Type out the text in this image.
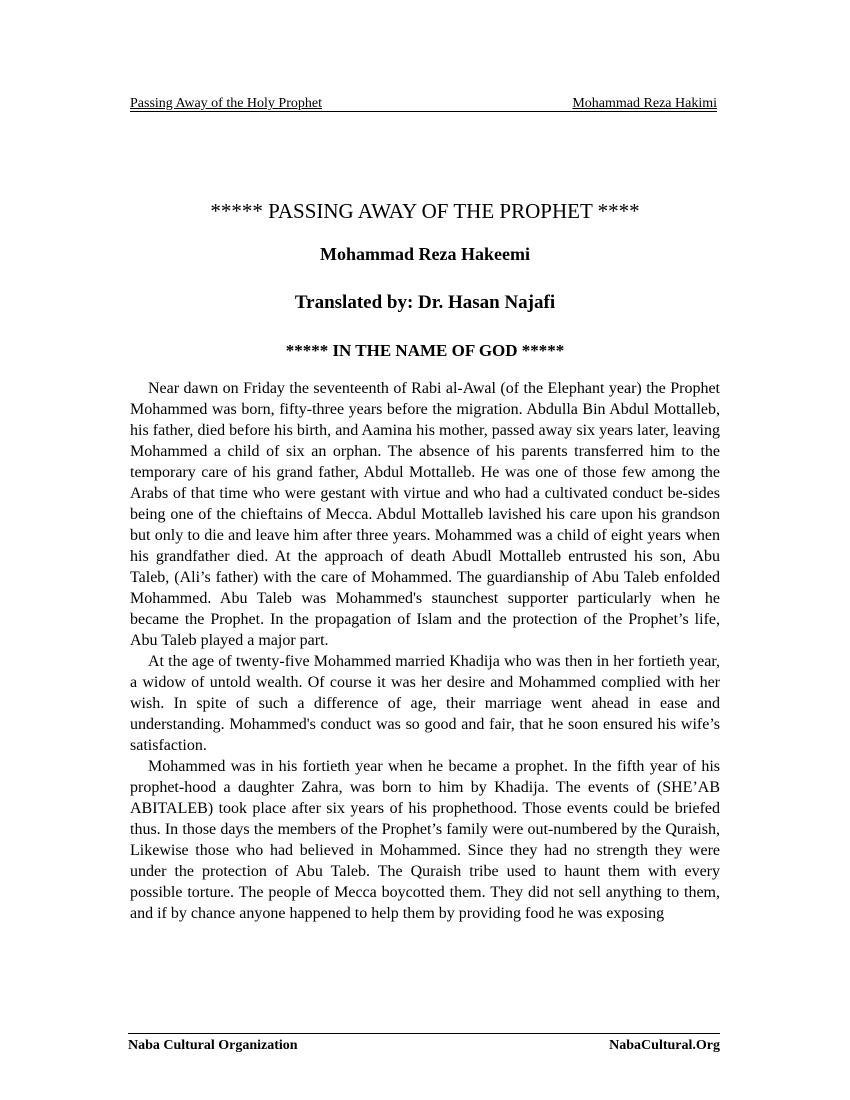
Passing Away of the Holy Prophet	Mohammad Reza Hakimi
***** PASSING AWAY OF THE PROPHET ****
Mohammad Reza Hakeemi
Translated by: Dr. Hasan Najafi
***** IN THE NAME OF GOD *****

Near dawn on Friday the seventeenth of Rabi al-Awal (of the Elephant year) the Prophet Mohammed was born, fifty-three years before the migration. Abdulla Bin Abdul Mottalleb, his father, died before his birth, and Aamina his mother, passed away six years later, leaving Mohammed a child of six an orphan. The absence of his parents transferred him to the temporary care of his grand father, Abdul Mottalleb. He was one of those few among the Arabs of that time who were gestant with virtue and who had a cultivated conduct be-sides being one of the chieftains of Mecca. Abdul Mottalleb lavished his care upon his grandson but only to die and leave him after three years. Mohammed was a child of eight years when his grandfather died. At the approach of death Abudl Mottalleb entrusted his son, Abu Taleb, (Ali’s father) with the care of Mohammed. The guardianship of Abu Taleb enfolded Mohammed. Abu Taleb was Mohammed's staunchest supporter particularly when he became the Prophet. In the propagation of Islam and the protection of the Prophet’s life, Abu Taleb played a major part.

At the age of twenty-five Mohammed married Khadija who was then in her fortieth year, a widow of untold wealth. Of course it was her desire and Mohammed complied with her wish. In spite of such a difference of age, their marriage went ahead in ease and understanding. Mohammed's conduct was so good and fair, that he soon ensured his wife’s satisfaction.

Mohammed was in his fortieth year when he became a prophet. In the fifth year of his prophet-hood a daughter Zahra, was born to him by Khadija. The events of (SHE’AB ABITALEB) took place after six years of his prophethood. Those events could be briefed thus. In those days the members of the Prophet’s family were out-numbered by the Quraish, Likewise those who had believed in Mohammed. Since they had no strength they were under the protection of Abu Taleb. The Quraish tribe used to haunt them with every possible torture. The people of Mecca boycotted them. They did not sell anything to them, and if by chance anyone happened to help them by providing food he was exposing

Naba Cultural Organization	NabaCultural.Org
